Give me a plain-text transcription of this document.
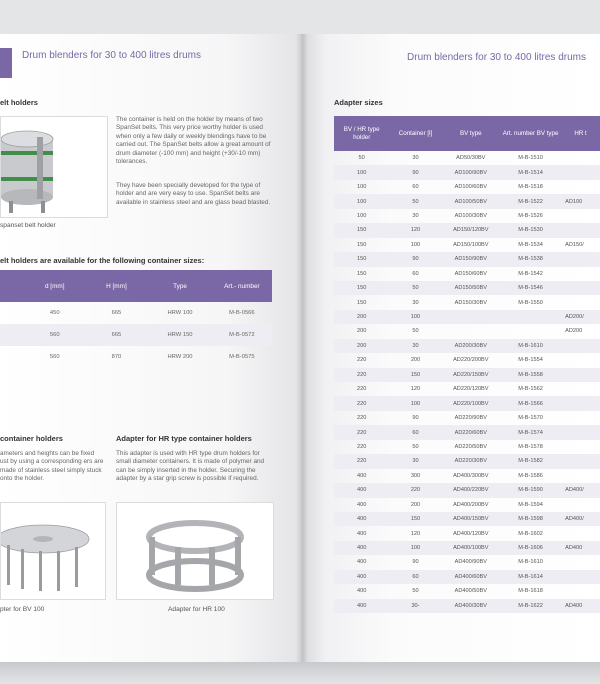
Drum blenders for 30 to 400 litres drums
elt holders
spanset belt holder
The container is held on the holder by means of two SpanSet belts. This very price worthy holder is used when only a few daily or weekly blendings have to be carried out. The SpanSet belts allow a great amount of drum diameter (-100 mm) and height (+30/-10 mm) tolerances.
They have been specially developed for the type of holder and are very easy to use. SpanSet belts are available in stainless steel and are glass bead blasted.
elt holders are available for the following container sizes:
	d [mm]	H [mm]	Type	Art.- number
	450	665	HRW 100	M-B-0566
	560	665	HRW 150	M-B-0572
	560	870	HRW 200	M-B-0575
container holders
ameters and heights can be fixed ust by using a corresponding ers are made of stainless steel simply stuck onto the holder.
Adapter for HR type container holders
This adapter is used with HR type drum holders for small diameter containers. It is made of polymer and can be simply inserted in the holder. Securing the adapter by a star grip screw is possible if required.
pter for BV 100	Adapter for HR 100
Drum blenders for 30 to 400 litres drums
Adapter sizes
BV / HR type holder	Container [l]	BV type	Art. number BV type	HR t
50	30	AD50/30BV	M-B-1510	
100	90	AD100/90BV	M-B-1514	
100	60	AD100/60BV	M-B-1518	
100	50	AD100/50BV	M-B-1522	AD100
100	30	AD100/30BV	M-B-1526	
150	120	AD150/120BV	M-B-1530	
150	100	AD150/100BV	M-B-1534	AD150/
150	90	AD150/90BV	M-B-1538	
150	60	AD150/60BV	M-B-1542	
150	50	AD150/50BV	M-B-1546	
150	30	AD150/30BV	M-B-1550	
200	100			AD200/
200	50			AD200
200	30	AD200/30BV	M-B-1610	
220	200	AD220/200BV	M-B-1554	
220	150	AD220/150BV	M-B-1558	
220	120	AD220/120BV	M-B-1562	
220	100	AD220/100BV	M-B-1566	
220	90	AD220/90BV	M-B-1570	
220	60	AD220/60BV	M-B-1574	
220	50	AD220/50BV	M-B-1578	
220	30	AD220/30BV	M-B-1582	
400	300	AD400/300BV	M-B-1586	
400	220	AD400/220BV	M-B-1590	AD400/
400	200	AD400/200BV	M-B-1594	
400	150	AD400/150BV	M-B-1598	AD400/
400	120	AD400/120BV	M-B-1602	
400	100	AD400/100BV	M-B-1606	AD400
400	90	AD400/90BV	M-B-1610	
400	60	AD400/60BV	M-B-1614	
400	50	AD400/50BV	M-B-1618	
400	30-	AD400/30BV	M-B-1622	AD400
